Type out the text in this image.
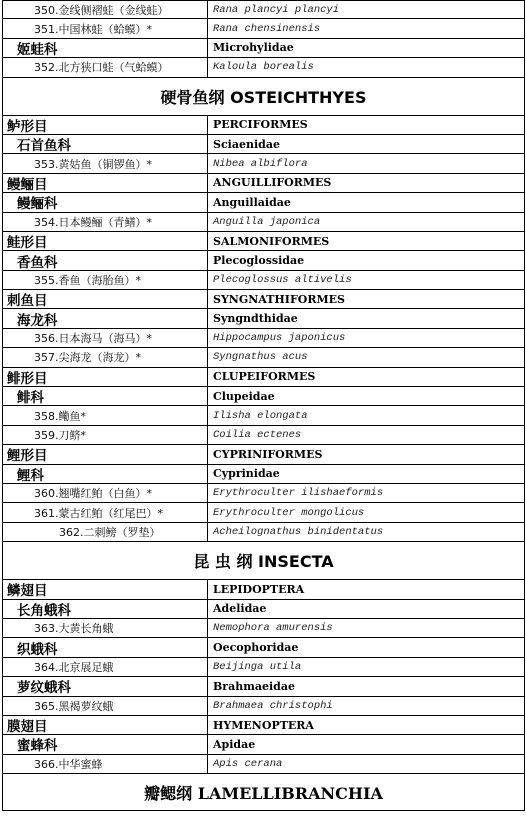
350.金线侧褶蛙（金线蛙）	Rana plancyi plancyi
351.中国林蛙（蛤蟆）*	Rana chensinensis
姬蛙科	Microhylidae
352.北方狭口蛙（气蛤蟆）	Kaloula borealis
硬骨鱼纲 OSTEICHTHYES
鲈形目	PERCIFORMES
石首鱼科	Sciaenidae
353.黄姑鱼（铜锣鱼）*	Nibea albiflora
鳗鲡目	ANGUILLIFORMES
鳗鲡科	Anguillaidae
354.日本鳗鲡（青鳝）*	Anguilla japonica
鲑形目	SALMONIFORMES
香鱼科	Plecoglossidae
355.香鱼（海胎鱼）*	Plecoglossus altivelis
刺鱼目	SYNGNATHIFORMES
海龙科	Syngndthidae
356.日本海马（海马）*	Hippocampus japonicus
357.尖海龙（海龙）*	Syngnathus acus
鲱形目	CLUPEIFORMES
鲱科	Clupeidae
358.鳓鱼*	Ilisha elongata
359.刀鲚*	Coilia ectenes
鲤形目	CYPRINIFORMES
鲤科	Cyprinidae
360.翘嘴红鲌（白鱼）*	Erythroculter ilishaeformis
361.蒙古红鲌（红尾巴）*	Erythroculter mongolicus
362.二刺鳑（罗垫）	Acheilognathus binidentatus
昆 虫 纲 INSECTA
鳞翅目	LEPIDOPTERA
长角蛾科	Adelidae
363.大黄长角蛾	Nemophora amurensis
织蛾科	Oecophoridae
364.北京展足蛾	Beijinga utila
萝纹蛾科	Brahmaeidae
365.黑褐萝纹蛾	Brahmaea christophi
膜翅目	HYMENOPTERA
蜜蜂科	Apidae
366.中华蜜蜂	Apis cerana
瓣鳃纲 LAMELLIBRANCHIA
